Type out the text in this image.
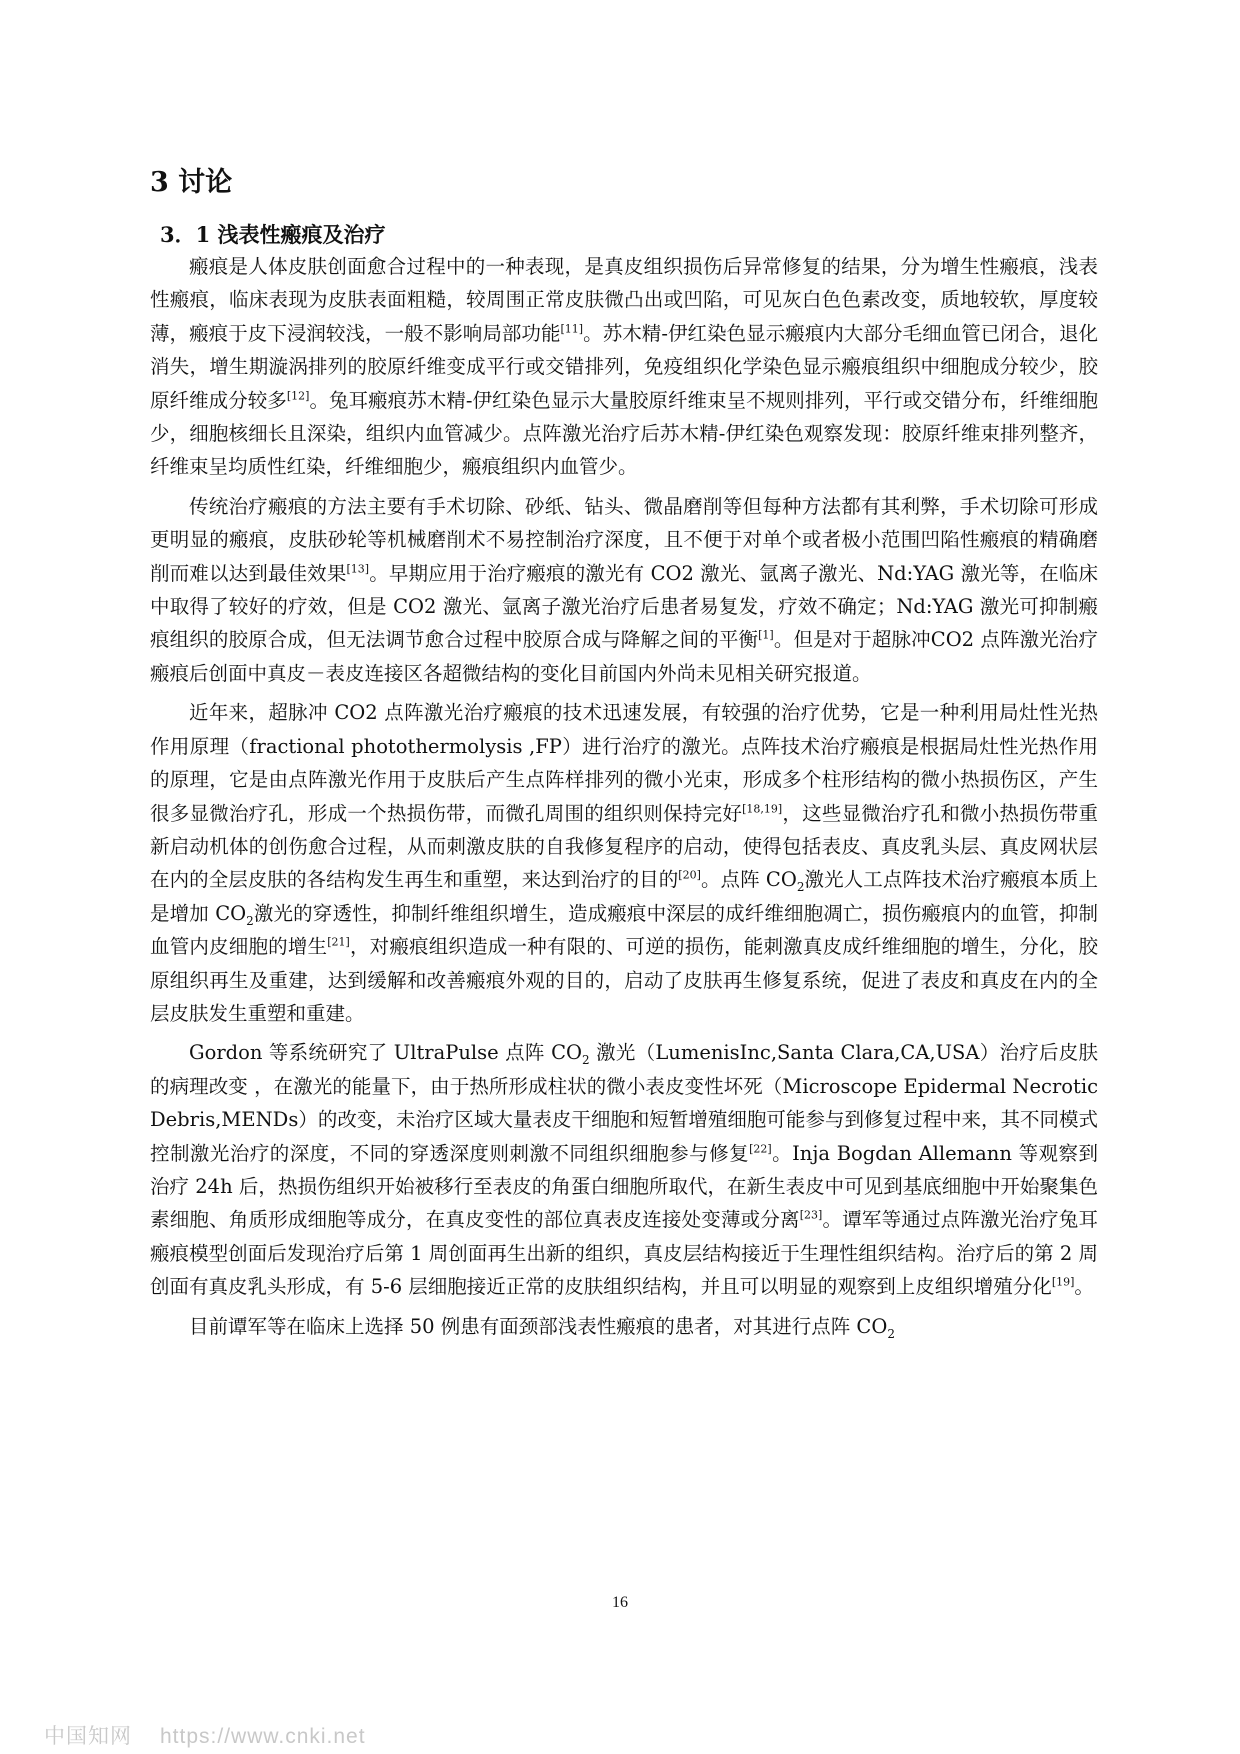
3 讨论
3．1 浅表性瘢痕及治疗

瘢痕是人体皮肤创面愈合过程中的一种表现，是真皮组织损伤后异常修复的结果，分为增生性瘢痕，浅表性瘢痕，临床表现为皮肤表面粗糙，较周围正常皮肤微凸出或凹陷，可见灰白色色素改变，质地较软，厚度较薄，瘢痕于皮下浸润较浅，一般不影响局部功能[11]。苏木精-伊红染色显示瘢痕内大部分毛细血管已闭合，退化消失，增生期漩涡排列的胶原纤维变成平行或交错排列，免疫组织化学染色显示瘢痕组织中细胞成分较少，胶原纤维成分较多[12]。兔耳瘢痕苏木精-伊红染色显示大量胶原纤维束呈不规则排列，平行或交错分布，纤维细胞少，细胞核细长且深染，组织内血管减少。点阵激光治疗后苏木精-伊红染色观察发现：胶原纤维束排列整齐，纤维束呈均质性红染，纤维细胞少，瘢痕组织内血管少。

传统治疗瘢痕的方法主要有手术切除、砂纸、钻头、微晶磨削等但每种方法都有其利弊，手术切除可形成更明显的瘢痕，皮肤砂轮等机械磨削术不易控制治疗深度，且不便于对单个或者极小范围凹陷性瘢痕的精确磨削而难以达到最佳效果[13]。早期应用于治疗瘢痕的激光有 CO2 激光、氩离子激光、Nd:YAG 激光等，在临床中取得了较好的疗效，但是 CO2 激光、氩离子激光治疗后患者易复发，疗效不确定；Nd:YAG 激光可抑制瘢痕组织的胶原合成，但无法调节愈合过程中胶原合成与降解之间的平衡[1]。但是对于超脉冲CO2 点阵激光治疗瘢痕后创面中真皮－表皮连接区各超微结构的变化目前国内外尚未见相关研究报道。

近年来，超脉冲 CO2 点阵激光治疗瘢痕的技术迅速发展，有较强的治疗优势，它是一种利用局灶性光热作用原理（fractional photothermolysis ,FP）进行治疗的激光。点阵技术治疗瘢痕是根据局灶性光热作用的原理，它是由点阵激光作用于皮肤后产生点阵样排列的微小光束，形成多个柱形结构的微小热损伤区，产生很多显微治疗孔，形成一个热损伤带，而微孔周围的组织则保持完好[18,19]，这些显微治疗孔和微小热损伤带重新启动机体的创伤愈合过程，从而刺激皮肤的自我修复程序的启动，使得包括表皮、真皮乳头层、真皮网状层在内的全层皮肤的各结构发生再生和重塑，来达到治疗的目的[20]。点阵 $CO_2$激光人工点阵技术治疗瘢痕本质上是增加 $CO_2$激光的穿透性，抑制纤维组织增生，造成瘢痕中深层的成纤维细胞凋亡，损伤瘢痕内的血管，抑制血管内皮细胞的增生[21]，对瘢痕组织造成一种有限的、可逆的损伤，能刺激真皮成纤维细胞的增生，分化，胶原组织再生及重建，达到缓解和改善瘢痕外观的目的，启动了皮肤再生修复系统，促进了表皮和真皮在内的全层皮肤发生重塑和重建。

Gordon 等系统研究了 UltraPulse 点阵 $CO_2$ 激光（LumenisInc,Santa Clara,CA,USA）治疗后皮肤的病理改变 ，在激光的能量下，由于热所形成柱状的微小表皮变性坏死（Microscope Epidermal Necrotic Debris,MENDs）的改变，未治疗区域大量表皮干细胞和短暂增殖细胞可能参与到修复过程中来，其不同模式控制激光治疗的深度，不同的穿透深度则刺激不同组织细胞参与修复[22]。Inja Bogdan Allemann 等观察到治疗 24h 后，热损伤组织开始被移行至表皮的角蛋白细胞所取代，在新生表皮中可见到基底细胞中开始聚集色素细胞、角质形成细胞等成分，在真皮变性的部位真表皮连接处变薄或分离[23]。谭军等通过点阵激光治疗兔耳瘢痕模型创面后发现治疗后第 1 周创面再生出新的组织，真皮层结构接近于生理性组织结构。治疗后的第 2 周创面有真皮乳头形成，有 5-6 层细胞接近正常的皮肤组织结构，并且可以明显的观察到上皮组织增殖分化[19]。

目前谭军等在临床上选择 50 例患有面颈部浅表性瘢痕的患者，对其进行点阵 $CO_2$

16
中国知网 https://www.cnki.net
